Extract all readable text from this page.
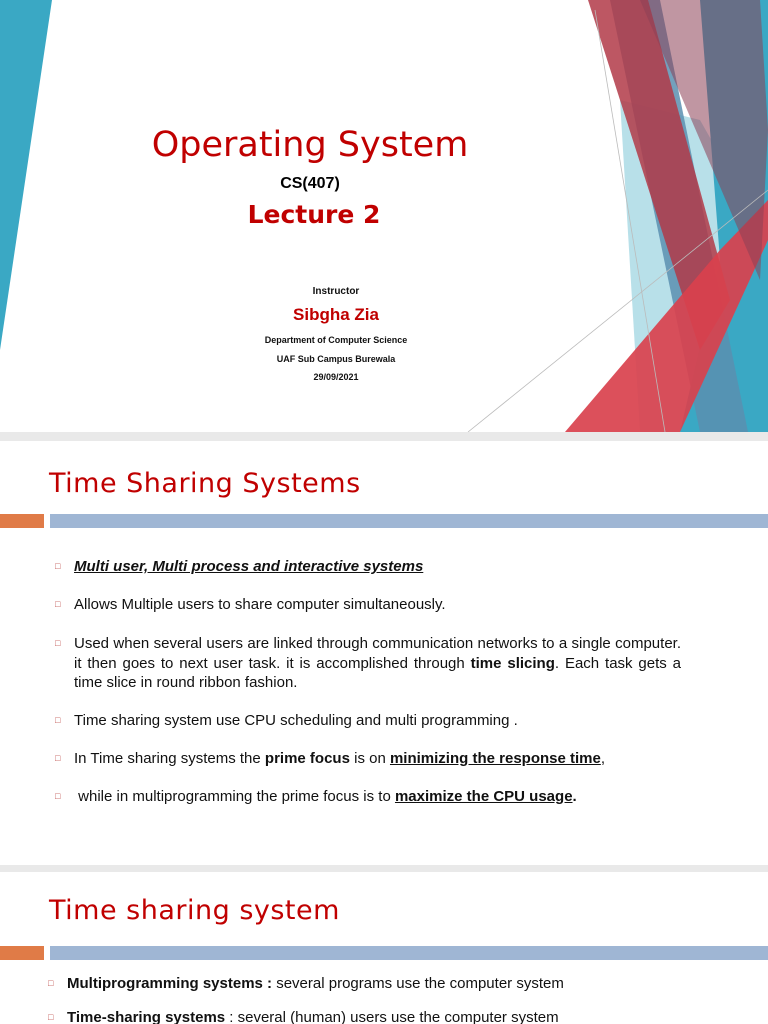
Operating System
CS(407)
Lecture 2
Instructor
Sibgha Zia
Department of Computer Science
UAF Sub Campus Burewala
29/09/2021
Time Sharing Systems
□ Multi user, Multi process and interactive systems
□ Allows Multiple users to share computer simultaneously.
□ Used when several users are linked through communication networks to a single computer. it then goes to next user task. it is accomplished through time slicing. Each task gets a time slice in round ribbon fashion.
□ Time sharing system use CPU scheduling and multi programming .
□ In Time sharing systems the prime focus is on minimizing the response time,
□ while in multiprogramming the prime focus is to maximize the CPU usage.
Time sharing system
□ Multiprogramming systems : several programs use the computer system
□ Time-sharing systems : several (human) users use the computer system
